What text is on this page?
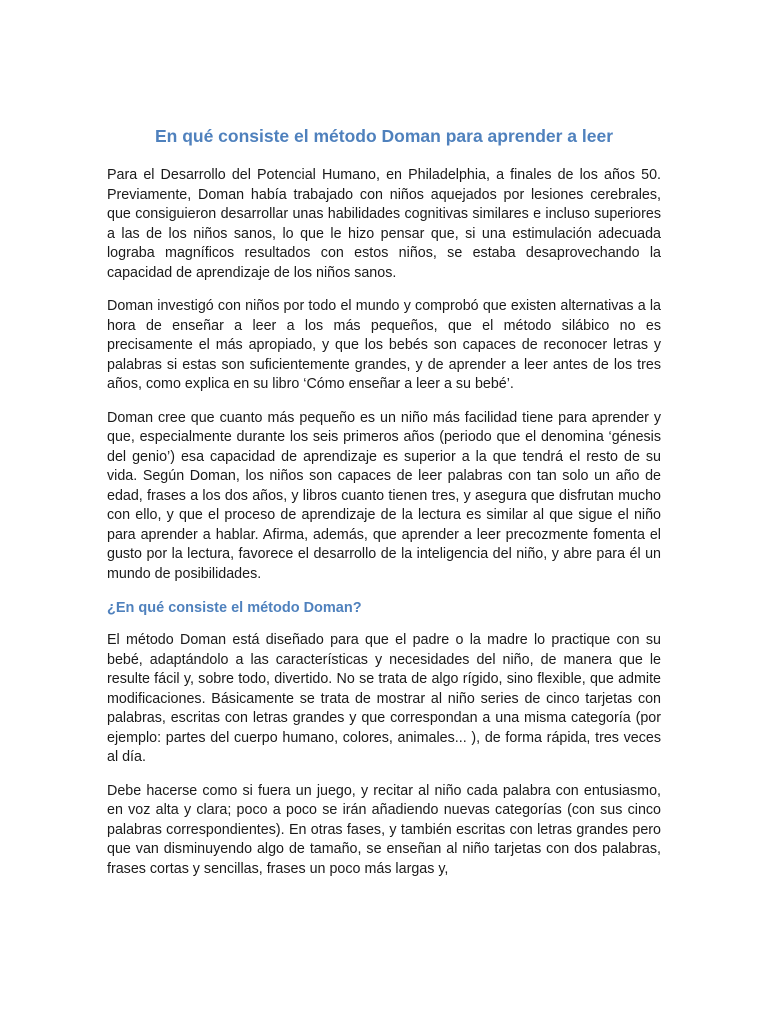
En qué consiste el método Doman para aprender a leer

Para el Desarrollo del Potencial Humano, en Philadelphia, a finales de los años 50. Previamente, Doman había trabajado con niños aquejados por lesiones cerebrales, que consiguieron desarrollar unas habilidades cognitivas similares e incluso superiores a las de los niños sanos, lo que le hizo pensar que, si una estimulación adecuada lograba magníficos resultados con estos niños, se estaba desaprovechando la capacidad de aprendizaje de los niños sanos.

Doman investigó con niños por todo el mundo y comprobó que existen alternativas a la hora de enseñar a leer a los más pequeños, que el método silábico no es precisamente el más apropiado, y que los bebés son capaces de reconocer letras y palabras si estas son suficientemente grandes, y de aprender a leer antes de los tres años, como explica en su libro ‘Cómo enseñar a leer a su bebé’.

Doman cree que cuanto más pequeño es un niño más facilidad tiene para aprender y que, especialmente durante los seis primeros años (periodo que el denomina ‘génesis del genio’) esa capacidad de aprendizaje es superior a la que tendrá el resto de su vida. Según Doman, los niños son capaces de leer palabras con tan solo un año de edad, frases a los dos años, y libros cuanto tienen tres, y asegura que disfrutan mucho con ello, y que el proceso de aprendizaje de la lectura es similar al que sigue el niño para aprender a hablar. Afirma, además, que aprender a leer precozmente fomenta el gusto por la lectura, favorece el desarrollo de la inteligencia del niño, y abre para él un mundo de posibilidades.

¿En qué consiste el método Doman?

El método Doman está diseñado para que el padre o la madre lo practique con su bebé, adaptándolo a las características y necesidades del niño, de manera que le resulte fácil y, sobre todo, divertido. No se trata de algo rígido, sino flexible, que admite modificaciones. Básicamente se trata de mostrar al niño series de cinco tarjetas con palabras, escritas con letras grandes y que correspondan a una misma categoría (por ejemplo: partes del cuerpo humano, colores, animales... ), de forma rápida, tres veces al día.

Debe hacerse como si fuera un juego, y recitar al niño cada palabra con entusiasmo, en voz alta y clara; poco a poco se irán añadiendo nuevas categorías (con sus cinco palabras correspondientes). En otras fases, y también escritas con letras grandes pero que van disminuyendo algo de tamaño, se enseñan al niño tarjetas con dos palabras, frases cortas y sencillas, frases un poco más largas y,
